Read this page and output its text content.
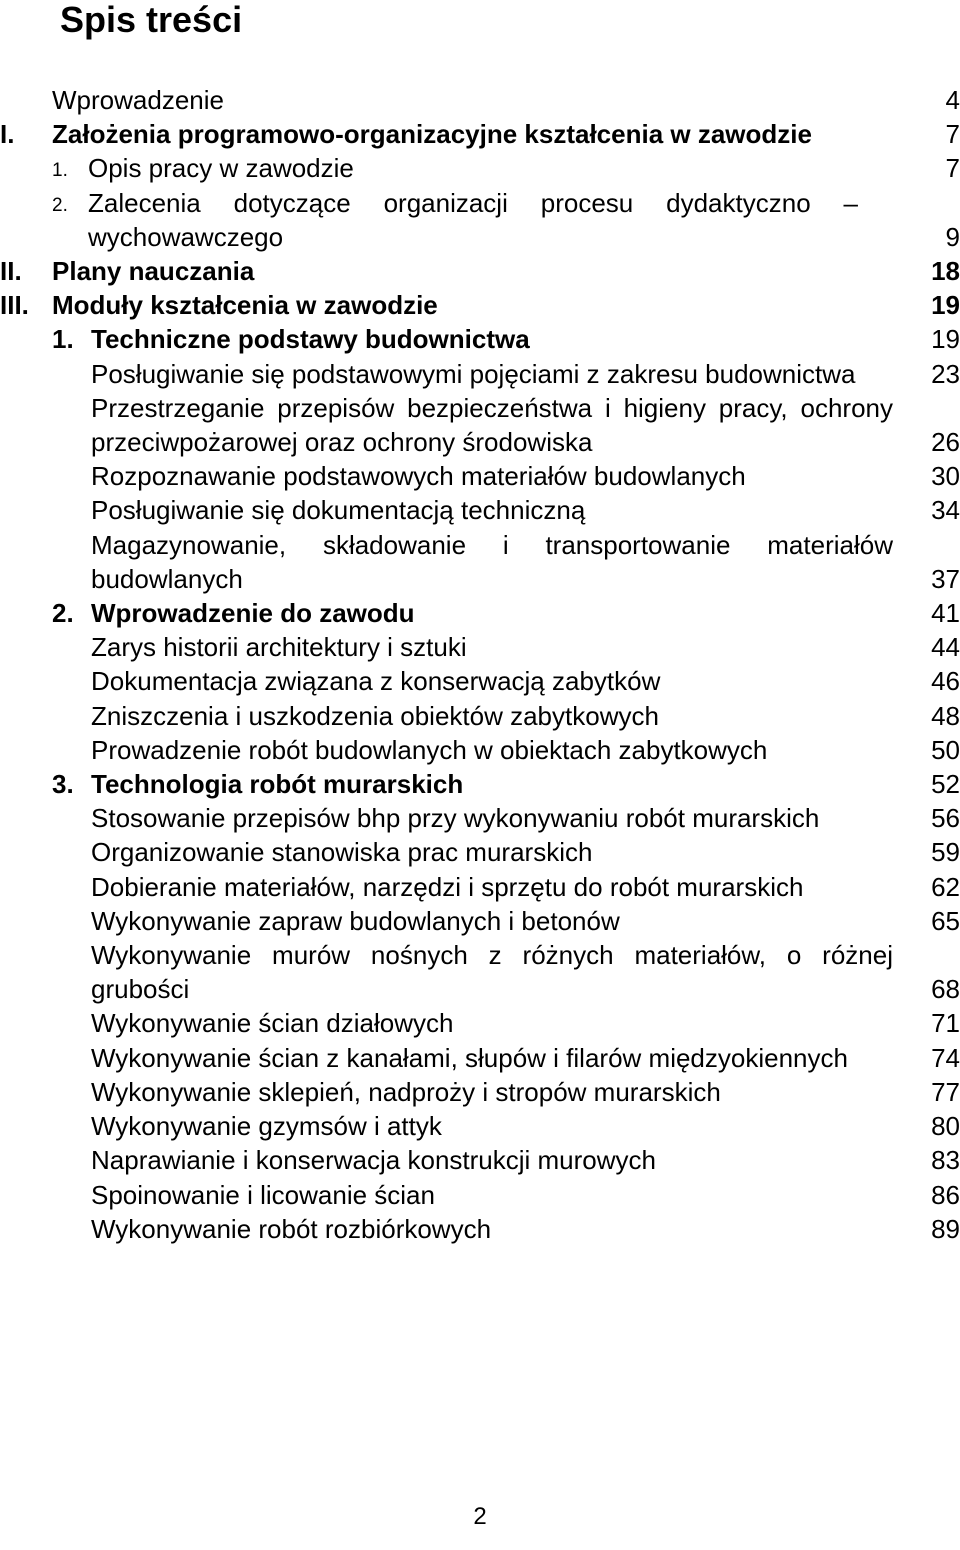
Spis treści
Wprowadzenie	4
I. Założenia programowo-organizacyjne kształcenia w zawodzie	7
1. Opis pracy w zawodzie	7
2. Zalecenia dotyczące organizacji procesu dydaktyczno – wychowawczego	9
II. Plany nauczania	18
III. Moduły kształcenia w zawodzie	19
1. Techniczne podstawy budownictwa	19
Posługiwanie się podstawowymi pojęciami z zakresu budownictwa	23
Przestrzeganie przepisów bezpieczeństwa i higieny pracy, ochrony przeciwpożarowej oraz ochrony środowiska	26
Rozpoznawanie podstawowych materiałów budowlanych	30
Posługiwanie się dokumentacją techniczną	34
Magazynowanie, składowanie i transportowanie materiałów budowlanych	37
2. Wprowadzenie do zawodu	41
Zarys historii architektury i sztuki	44
Dokumentacja związana z konserwacją zabytków	46
Zniszczenia i uszkodzenia obiektów zabytkowych	48
Prowadzenie robót budowlanych w obiektach zabytkowych	50
3. Technologia robót murarskich	52
Stosowanie przepisów bhp przy wykonywaniu robót murarskich	56
Organizowanie stanowiska prac murarskich	59
Dobieranie materiałów, narzędzi i sprzętu do robót murarskich	62
Wykonywanie zapraw budowlanych i betonów	65
Wykonywanie murów nośnych z różnych materiałów, o różnej grubości	68
Wykonywanie ścian działowych	71
Wykonywanie ścian z kanałami, słupów i filarów międzyokiennych	74
Wykonywanie sklepień, nadproży i stropów murarskich	77
Wykonywanie gzymsów i attyk	80
Naprawianie i konserwacja konstrukcji murowych	83
Spoinowanie i licowanie ścian	86
Wykonywanie robót rozbiórkowych	89
2
